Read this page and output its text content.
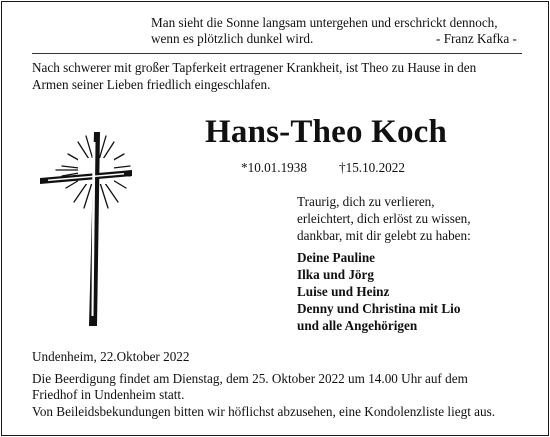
Man sieht die Sonne langsam untergehen und erschrickt dennoch,
wenn es plötzlich dunkel wird.	- Franz Kafka -
Nach schwerer mit großer Tapferkeit ertragener Krankheit, ist Theo zu Hause in den
Armen seiner Lieben friedlich eingeschlafen.
Hans-Theo Koch
*10.01.1938 †15.10.2022
Traurig, dich zu verlieren,
erleichtert, dich erlöst zu wissen,
dankbar, mit dir gelebt zu haben:
Deine Pauline
Ilka und Jörg
Luise und Heinz
Denny und Christina mit Lio
und alle Angehörigen
Undenheim, 22.Oktober 2022
Die Beerdigung findet am Dienstag, dem 25. Oktober 2022 um 14.00 Uhr auf dem
Friedhof in Undenheim statt.
Von Beileidsbekundungen bitten wir höflichst abzusehen, eine Kondolenzliste liegt aus.
